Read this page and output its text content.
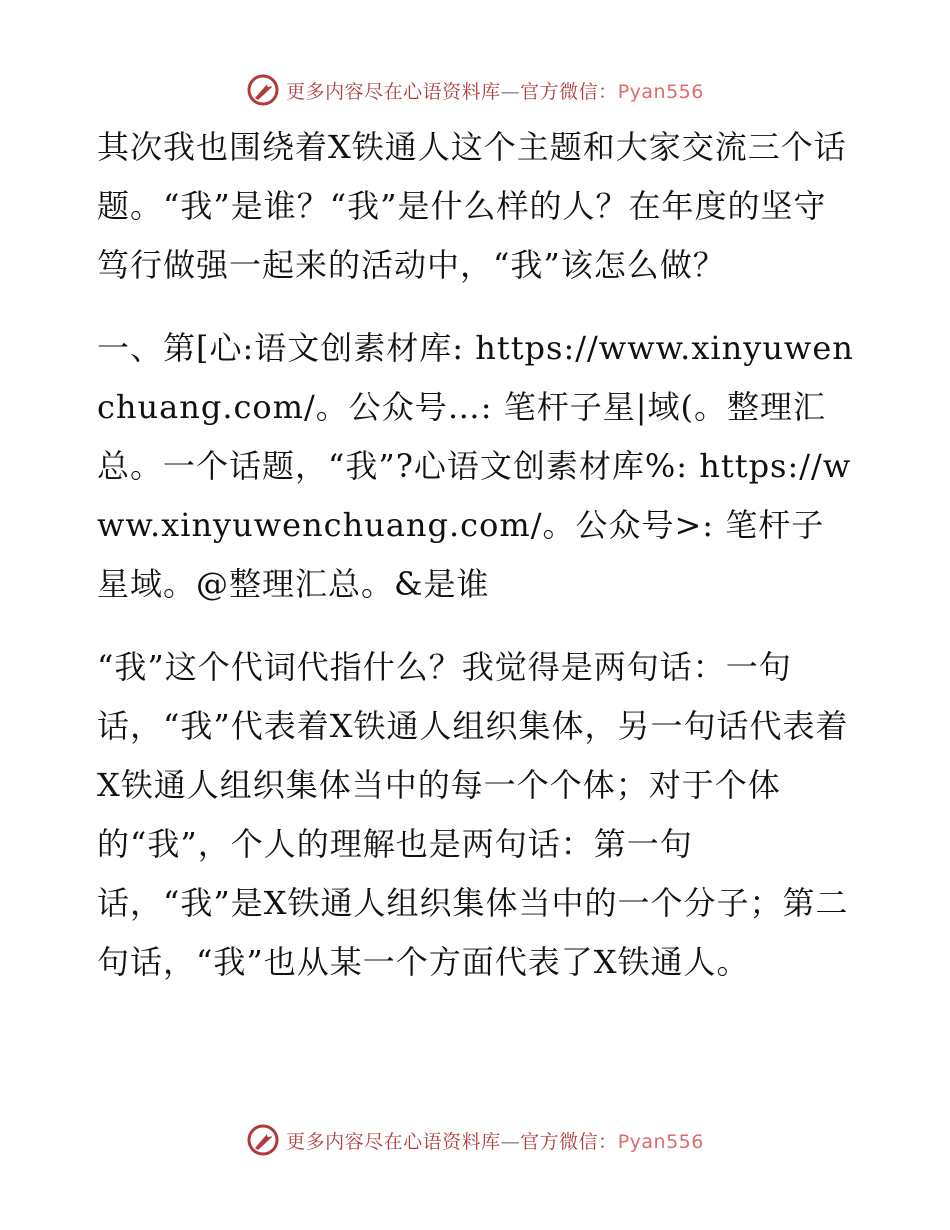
更多内容尽在心语资料库—官方微信：Pyan556

其次我也围绕着X铁通人这个主题和大家交流三个话题。“我”是谁？“我”是什么样的人？在年度的坚守笃行做强一起来的活动中，“我”该怎么做？

一、第[心:语文创素材库: https://www.xinyuwenchuang.com/。公众号…: 笔杆子星|域(。整理汇总。一个话题，“我”?心语文创素材库%: https://www.xinyuwenchuang.com/。公众号>: 笔杆子星域。@整理汇总。&是谁

“我”这个代词代指什么？我觉得是两句话：一句话，“我”代表着X铁通人组织集体，另一句话代表着X铁通人组织集体当中的每一个个体；对于个体的“我”，个人的理解也是两句话：第一句话，“我”是X铁通人组织集体当中的一个分子；第二句话，“我”也从某一个方面代表了X铁通人。

更多内容尽在心语资料库—官方微信：Pyan556
